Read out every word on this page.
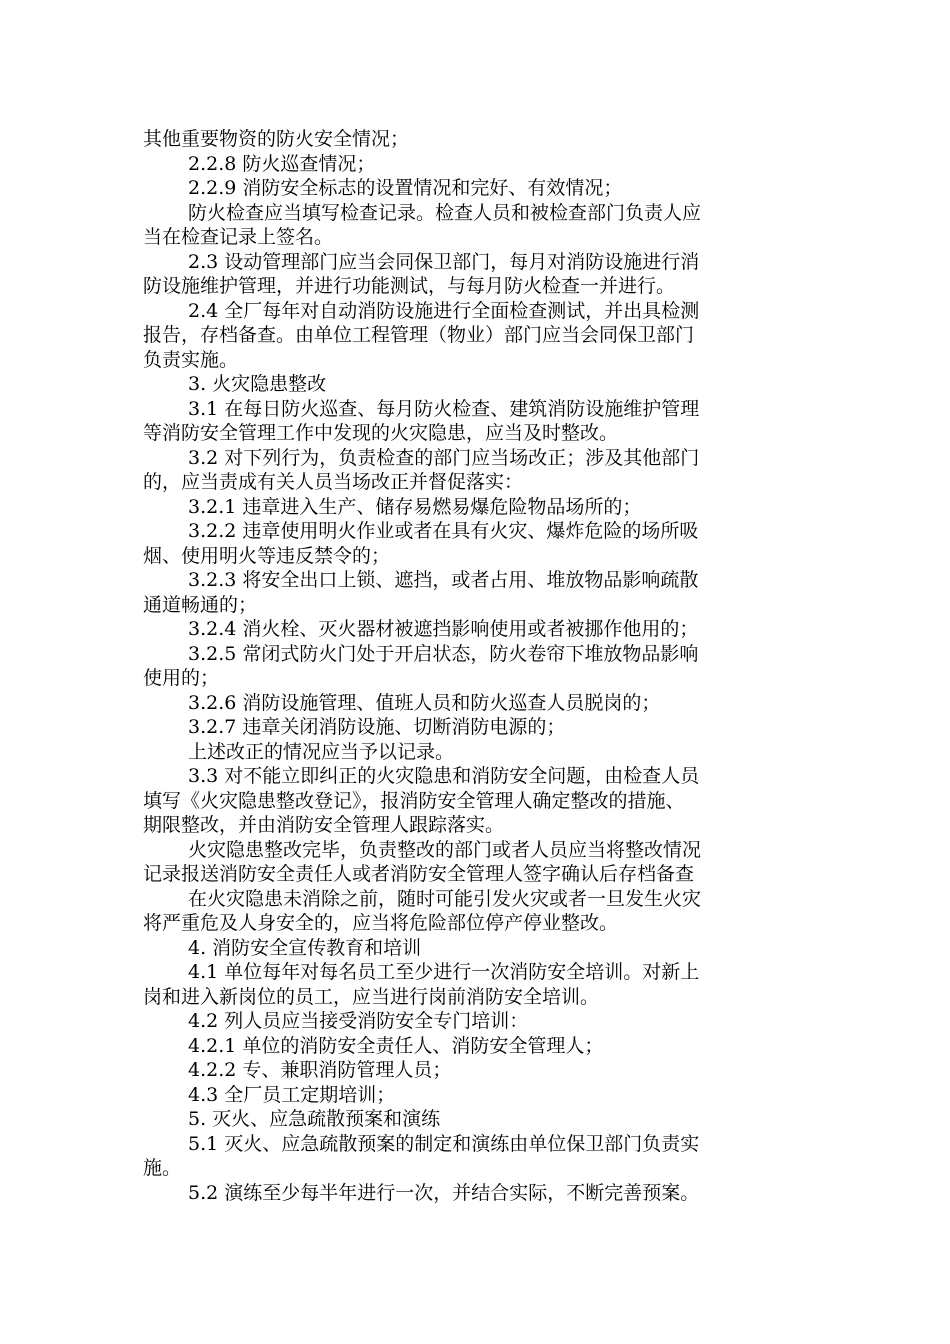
其他重要物资的防火安全情况；
2.2.8 防火巡查情况；
2.2.9 消防安全标志的设置情况和完好、有效情况；
防火检查应当填写检查记录。检查人员和被检查部门负责人应
当在检查记录上签名。
2.3 设动管理部门应当会同保卫部门，每月对消防设施进行消
防设施维护管理，并进行功能测试，与每月防火检查一并进行。
2.4 全厂每年对自动消防设施进行全面检查测试，并出具检测
报告，存档备查。由单位工程管理（物业）部门应当会同保卫部门
负责实施。
3. 火灾隐患整改
3.1 在每日防火巡查、每月防火检查、建筑消防设施维护管理
等消防安全管理工作中发现的火灾隐患，应当及时整改。
3.2 对下列行为，负责检查的部门应当场改正；涉及其他部门
的，应当责成有关人员当场改正并督促落实：
3.2.1 违章进入生产、储存易燃易爆危险物品场所的；
3.2.2 违章使用明火作业或者在具有火灾、爆炸危险的场所吸
烟、使用明火等违反禁令的；
3.2.3 将安全出口上锁、遮挡，或者占用、堆放物品影响疏散
通道畅通的；
3.2.4 消火栓、灭火器材被遮挡影响使用或者被挪作他用的；
3.2.5 常闭式防火门处于开启状态，防火卷帘下堆放物品影响
使用的；
3.2.6 消防设施管理、值班人员和防火巡查人员脱岗的；
3.2.7 违章关闭消防设施、切断消防电源的；
上述改正的情况应当予以记录。
3.3 对不能立即纠正的火灾隐患和消防安全问题，由检查人员
填写《火灾隐患整改登记》，报消防安全管理人确定整改的措施、
期限整改，并由消防安全管理人跟踪落实。
火灾隐患整改完毕，负责整改的部门或者人员应当将整改情况
记录报送消防安全责任人或者消防安全管理人签字确认后存档备查
在火灾隐患未消除之前，随时可能引发火灾或者一旦发生火灾
将严重危及人身安全的，应当将危险部位停产停业整改。
4. 消防安全宣传教育和培训
4.1 单位每年对每名员工至少进行一次消防安全培训。对新上
岗和进入新岗位的员工，应当进行岗前消防安全培训。
4.2 列人员应当接受消防安全专门培训：
4.2.1 单位的消防安全责任人、消防安全管理人；
4.2.2 专、兼职消防管理人员；
4.3 全厂员工定期培训；
5. 灭火、应急疏散预案和演练
5.1 灭火、应急疏散预案的制定和演练由单位保卫部门负责实
施。
5.2 演练至少每半年进行一次，并结合实际，不断完善预案。
